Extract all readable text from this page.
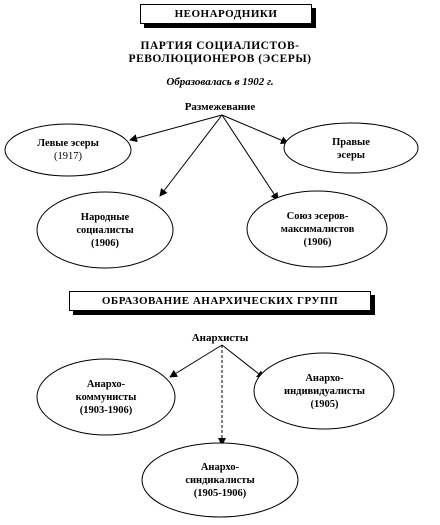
НЕОНАРОДНИКИ
ПАРТИЯ СОЦИАЛИСТОВ-
РЕВОЛЮЦИОНЕРОВ (ЭСЕРЫ)
Образовалась в 1902 г.
Размежевание
Левые эсеры
(1917)
Правые
эсеры
Народные
социалисты
(1906)
Союз эсеров-
максималистов
(1906)
ОБРАЗОВАНИЕ АНАРХИЧЕСКИХ ГРУПП
Анархисты
Анархо-
коммунисты
(1903-1906)
Анархо-
индивидуалисты
(1905)
Анархо-
синдикалисты
(1905-1906)
